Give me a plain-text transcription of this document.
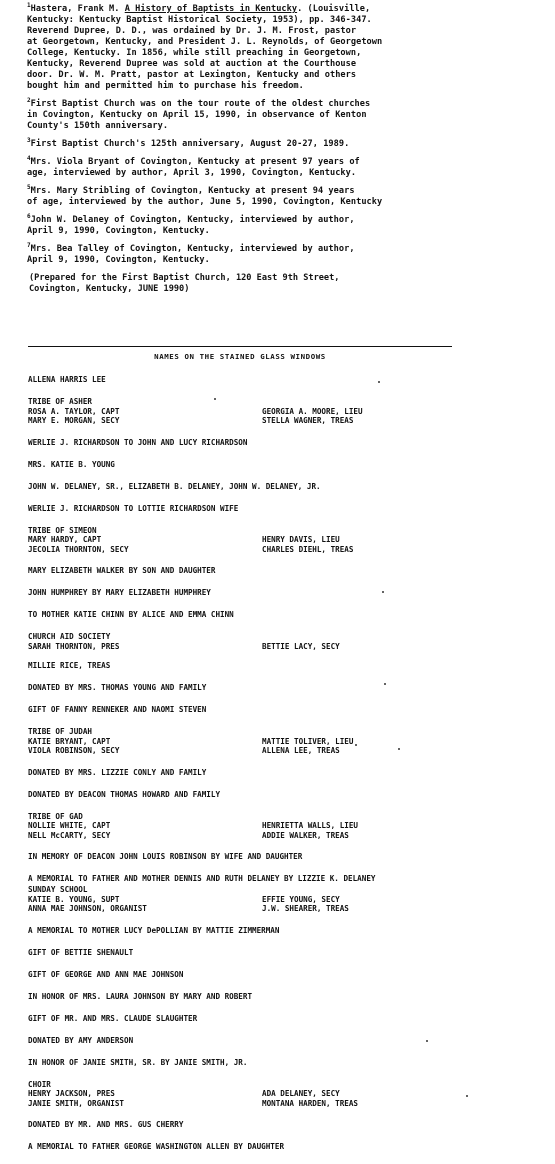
$^1$Hastera, Frank M. A History of Baptists in Kentucky. (Louisville,
Kentucky: Kentucky Baptist Historical Society, 1953), pp. 346-347.
Reverend Dupree, D. D., was ordained by Dr. J. M. Frost, pastor
at Georgetown, Kentucky, and President J. L. Reynolds, of Georgetown
College, Kentucky. In 1856, while still preaching in Georgetown,
Kentucky, Reverend Dupree was sold at auction at the Courthouse
door. Dr. W. M. Pratt, pastor at Lexington, Kentucky and others
bought him and permitted him to purchase his freedom.
$^2$First Baptist Church was on the tour route of the oldest churches
in Covington, Kentucky on April 15, 1990, in observance of Kenton
County's 150th anniversary.
$^3$First Baptist Church's 125th anniversary, August 20-27, 1989.
$^4$Mrs. Viola Bryant of Covington, Kentucky at present 97 years of
age, interviewed by author, April 3, 1990, Covington, Kentucky.
$^5$Mrs. Mary Stribling of Covington, Kentucky at present 94 years
of age, interviewed by the author, June 5, 1990, Covington, Kentucky
$^6$John W. Delaney of Covington, Kentucky, interviewed by author,
April 9, 1990, Covington, Kentucky.
$^7$Mrs. Bea Talley of Covington, Kentucky, interviewed by author,
April 9, 1990, Covington, Kentucky.
(Prepared for the First Baptist Church, 120 East 9th Street,
Covington, Kentucky, JUNE 1990)
NAMES ON THE STAINED GLASS WINDOWS
ALLENA HARRIS LEE
TRIBE OF ASHER
ROSA A. TAYLOR, CAPT	GEORGIA A. MOORE, LIEU
MARY E. MORGAN, SECY	STELLA WAGNER, TREAS
WERLIE J. RICHARDSON TO JOHN AND LUCY RICHARDSON
MRS. KATIE B. YOUNG
JOHN W. DELANEY, SR., ELIZABETH B. DELANEY, JOHN W. DELANEY, JR.
WERLIE J. RICHARDSON TO LOTTIE RICHARDSON WIFE
TRIBE OF SIMEON
MARY HARDY, CAPT	HENRY DAVIS, LIEU
JECOLIA THORNTON, SECY	CHARLES DIEHL, TREAS
MARY ELIZABETH WALKER BY SON AND DAUGHTER
JOHN HUMPHREY BY MARY ELIZABETH HUMPHREY
TO MOTHER KATIE CHINN BY ALICE AND EMMA CHINN
CHURCH AID SOCIETY
SARAH THORNTON, PRES	BETTIE LACY, SECY
MILLIE RICE, TREAS
DONATED BY MRS. THOMAS YOUNG AND FAMILY
GIFT OF FANNY RENNEKER AND NAOMI STEVEN
TRIBE OF JUDAH
KATIE BRYANT, CAPT	MATTIE TOLIVER, LIEU
VIOLA ROBINSON, SECY	ALLENA LEE, TREAS
DONATED BY MRS. LIZZIE CONLY AND FAMILY
DONATED BY DEACON THOMAS HOWARD AND FAMILY
TRIBE OF GAD
NOLLIE WHITE, CAPT	HENRIETTA WALLS, LIEU
NELL McCARTY, SECY	ADDIE WALKER, TREAS
IN MEMORY OF DEACON JOHN LOUIS ROBINSON BY WIFE AND DAUGHTER
A MEMORIAL TO FATHER AND MOTHER DENNIS AND RUTH DELANEY BY LIZZIE K. DELANEY
SUNDAY SCHOOL
KATIE B. YOUNG, SUPT	EFFIE YOUNG, SECY
ANNA MAE JOHNSON, ORGANIST	J.W. SHEARER, TREAS
A MEMORIAL TO MOTHER LUCY DePOLLIAN BY MATTIE ZIMMERMAN
GIFT OF BETTIE SHENAULT
GIFT OF GEORGE AND ANN MAE JOHNSON
IN HONOR OF MRS. LAURA JOHNSON BY MARY AND ROBERT
GIFT OF MR. AND MRS. CLAUDE SLAUGHTER
DONATED BY AMY ANDERSON
IN HONOR OF JANIE SMITH, SR. BY JANIE SMITH, JR.
CHOIR
HENRY JACKSON, PRES	ADA DELANEY, SECY
JANIE SMITH, ORGANIST	MONTANA HARDEN, TREAS
DONATED BY MR. AND MRS. GUS CHERRY
A MEMORIAL TO FATHER GEORGE WASHINGTON ALLEN BY DAUGHTER
